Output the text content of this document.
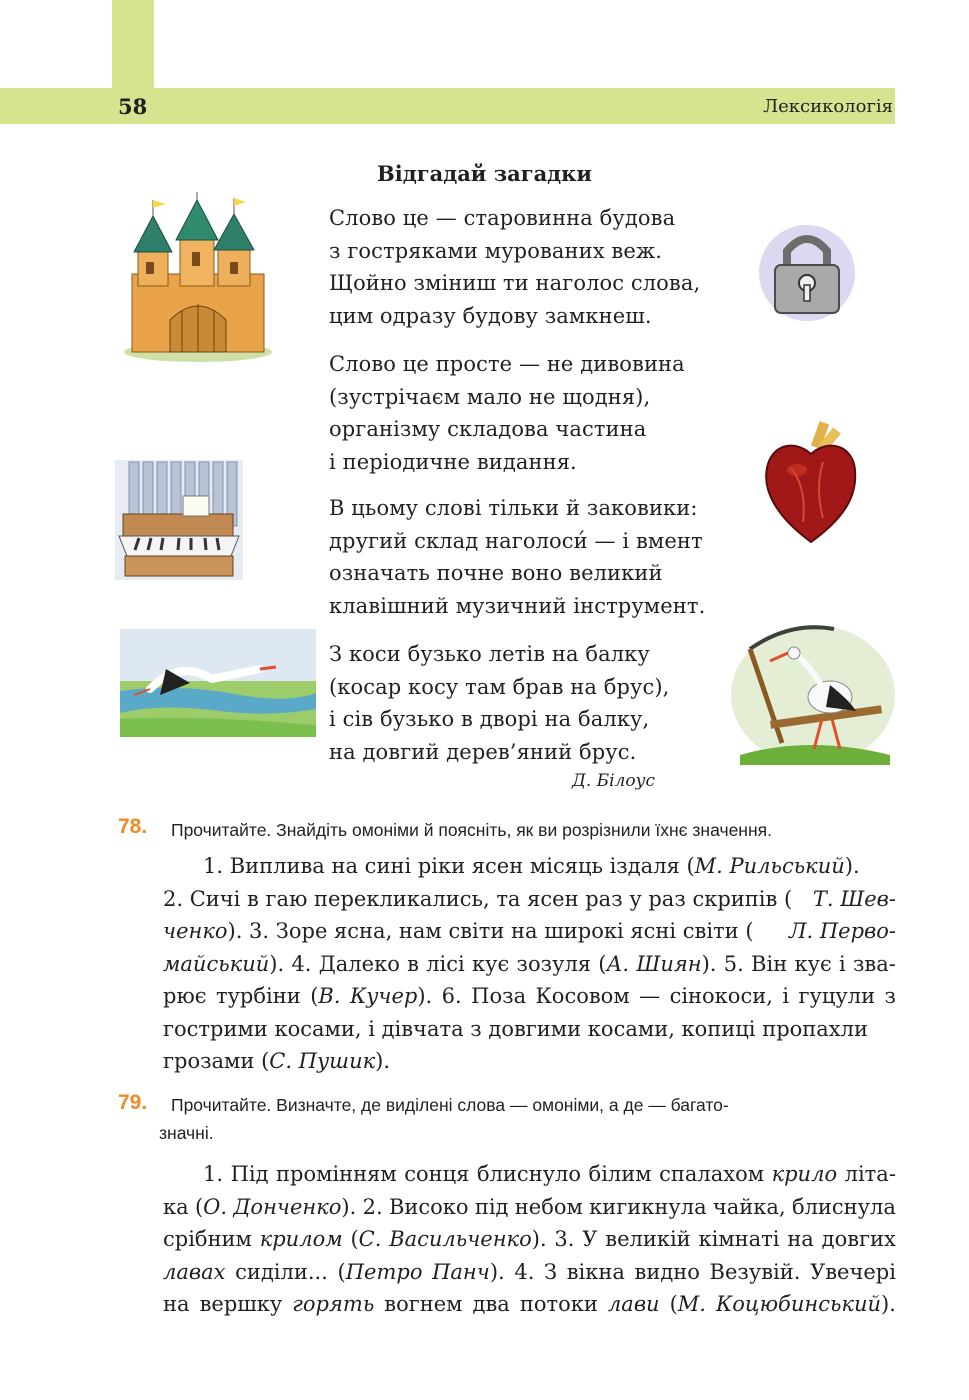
58	Лексикологія
Відгадай загадки
Слово це — старовинна будова
з гостряками мурованих веж.
Щойно зміниш ти наголос слова,
цим одразу будову замкнеш.
Слово це просте — не дивовина
(зустрічаєм мало не щодня),
організму складова частина
і періодичне видання.
В цьому слові тільки й заковики:
другий склад наголоси́ — і вмент
означать почне воно великий
клавішний музичний інструмент.
З коси бузько летів на балку
(косар косу там брав на брус),
і сів бузько в дворі на балку,
на довгий дерев’яний брус.
Д. Білоус
78. Прочитайте. Знайдіть омоніми й поясніть, як ви розрізнили їхнє значення.
1. Виплива на сині ріки ясен місяць іздаля (М. Рильський).
2. Сичі в гаю перекликались, та ясен раз у раз скрипів ( Т. Шев-
ченко). 3. Зоре ясна, нам світи на широкі ясні світи ( Л. Перво-
майський). 4. Далеко в лісі кує зозуля (А. Шиян). 5. Він кує і зва-
рює турбіни (В. Кучер). 6. Поза Косовом — сінокоси, і гуцули з
гострими косами, і дівчата з довгими косами, копиці пропахли
грозами (С. Пушик).
79. Прочитайте. Визначте, де виділені слова — омоніми, а де — багато-
значні.
1. Під промінням сонця блиснуло білим спалахом крило літа-
ка (О. Донченко). 2. Високо під небом кигикнула чайка, блиснула
срібним крилом (С. Васильченко). 3. У великій кімнаті на довгих
лавах сиділи... (Петро Панч). 4. З вікна видно Везувій. Увечері
на вершку горять вогнем два потоки лави (М. Коцюбинський).
